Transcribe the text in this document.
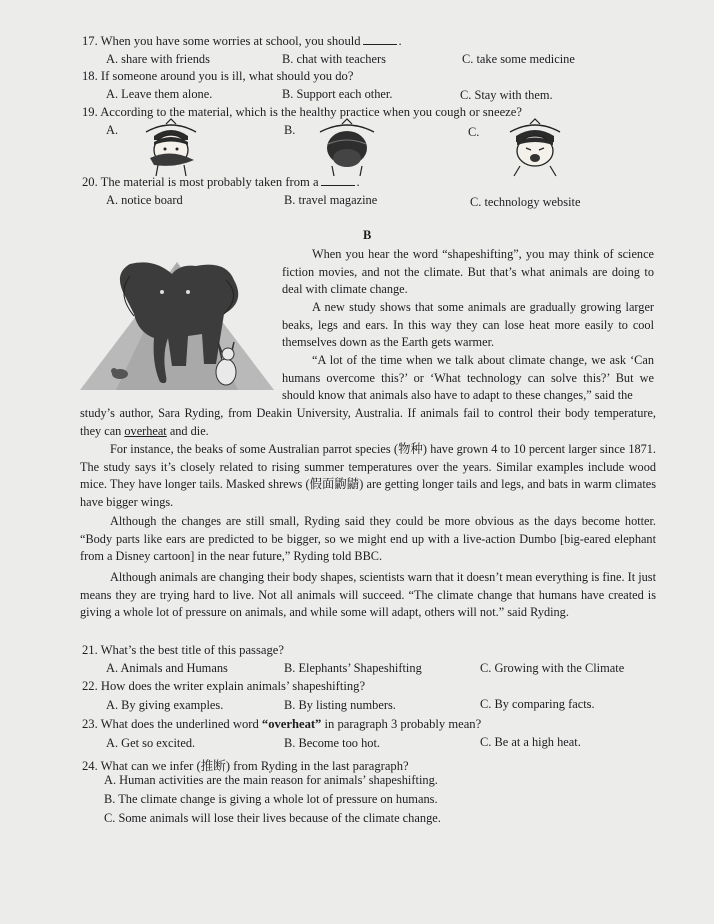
17. When you have some worries at school, you should	.
A. share with friends	B. chat with teachers	C. take some medicine
18. If someone around you is ill, what should you do?
A. Leave them alone.	B. Support each other.	C. Stay with them.
19. According to the material, which is the healthy practice when you cough or sneeze?
A.	B.	C.
20. The material is most probably taken from a	.
A. notice board	B. travel magazine	C. technology website
B
When you hear the word “shapeshifting”, you may think of science fiction movies, and not the climate. But that’s what animals are doing to deal with climate change.
A new study shows that some animals are gradually growing larger beaks, legs and ears. In this way they can lose heat more easily to cool themselves down as the Earth gets warmer.
“A lot of the time when we talk about climate change, we ask ‘Can humans overcome this?’ or ‘What technology can solve this?’ But we should know that animals also have to adapt to these changes,” said the
study’s author, Sara Ryding, from Deakin University, Australia. If animals fail to control their body temperature, they can overheat and die.
For instance, the beaks of some Australian parrot species (物种) have grown 4 to 10 percent larger since 1871. The study says it’s closely related to rising summer temperatures over the years. Similar examples include wood mice. They have longer tails. Masked shrews (假面鼩鼱) are getting longer tails and legs, and bats in warm climates have bigger wings.
Although the changes are still small, Ryding said they could be more obvious as the days become hotter. “Body parts like ears are predicted to be bigger, so we might end up with a live-action Dumbo [big-eared elephant from a Disney cartoon] in the near future,” Ryding told BBC.
Although animals are changing their body shapes, scientists warn that it doesn’t mean everything is fine. It just means they are trying hard to live. Not all animals will succeed. “The climate change that humans have created is giving a whole lot of pressure on animals, and while some will adapt, others will not.” said Ryding.
21. What’s the best title of this passage?
A. Animals and Humans	B. Elephants’ Shapeshifting	C. Growing with the Climate
22. How does the writer explain animals’ shapeshifting?
A. By giving examples.	B. By listing numbers.	C. By comparing facts.
23. What does the underlined word “overheat” in paragraph 3 probably mean?
A. Get so excited.	B. Become too hot.	C. Be at a high heat.
24. What can we infer (推断) from Ryding in the last paragraph?
A. Human activities are the main reason for animals’ shapeshifting.
B. The climate change is giving a whole lot of pressure on humans.
C. Some animals will lose their lives because of the climate change.
